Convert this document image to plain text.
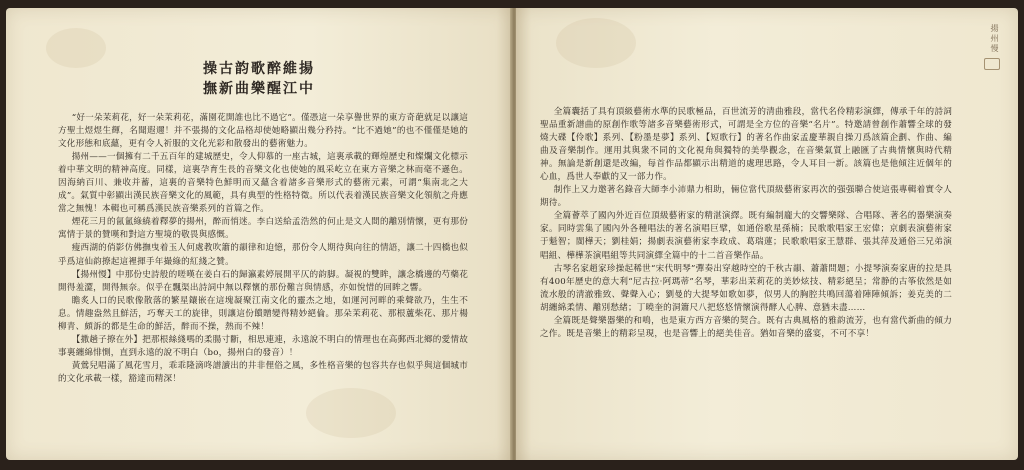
操古韵歌醉維揚
撫新曲樂醒江中

“好一朵茉莉花，好一朵茉莉花，滿園花開誰也比不過它”。僅憑這一朵享譽世界的東方奇葩就足以讓這方聖土煜煜生輝，名聞遐邇！并不張揚的文化品格却使她略顯出幾分矜持。“比不過她”的也不僅僅是她的文化形態和底蘊，更有令人祈服的文化光彩和散發出的藝術魅力。

揚州——一個擁有二千五百年的建城歷史，令人仰慕的一座古城，這裏承載的輝煌歷史和燦爛文化標示着中華文明的精神高度。同樣，這裏孕育生長的音樂文化也使她的風采屹立在東方音樂之林而毫不遜色。因海納百川、兼收并蓄，這裏的音樂特色鮮明而又蘊含着諸多音樂形式的藝術元素，可謂“集南北之大成”。氣質中彰顯出漢民族音樂文化的風範，具有典型的性格特徵。所以代表着漢民族音樂文化領航之舟應當之無愧！本輯也可稱爲漢民族音樂系列的首篇之作。

煙花三月的氤氳綠繞着釋夢的揚州，醉而悄迷。李白送給孟浩然的何止是文人間的離別情懷，更有那份寓情于景的贊嘆和對這方聖境的敬畏與感慨。

瘦西湖的俏影仿佛撫曳着玉人何處教吹簫的韻律和迫憶，那份令人期待與向往的情語，讓二十四橋也似乎爲這仙韵撩起這裡揮手年撮綠的紅綫之贊。

【揚州慢】中那份史詩般的嗟嘆在姜白石的歸瀛素婷展開平仄的韵脚。凝視的雙眸，讓念橋邊的芍藥花開得羞澀，開得無奈。似乎在飄渠出詩詞中無以釋懷的那份難言與情感，亦如悅惜的回眸之響。

瞻炙人口的民歌像散落的繁星鑲嵌在這塊凝聚江南文化的靈杰之地，如運河河畔的乘聲欲乃，生生不息。情趣盎然且鮮活，巧奪天工的旋律，則讓這份饋贈變得精妙絕倫。那朵茉莉花、那根蘆柴花、那片楊柳青、頗訴的都是生命的鮮活，醉而不操，熱而不辣！

【撒趟子撩在外】把那根絲綫嗎的柔腸寸斷，相思連連，永遠說不明白的情理也在高郵西北鄉的愛情故事裏纏綿悱惻，直到永遠的說不明白（bo，揚州白的發音）！

黃鶯兒唱滿了風花雪月，乖乖隆滴咚譜讀出的井非俚俗之風，多性格音樂的包容共存也似乎與這個城市的文化承載一樣，豁達而精深！

揚州慢

全篇囊括了具有頂級藝術水準的民歌極品，百世流芳的清曲雅段，當代名伶精彩演繹，傳承千年的詩詞聖品重新譜曲的原創作歌等諸多音樂藝術形式，可謂是全方位的音樂“名片”。特邀請曾創作蕭響全球的發燒大碟【伶歌】系列、【粉墨是夢】系列、【短歌行】的著名作曲家孟慶華親自操刀爲該篇企劃、作曲、編曲及音樂制作。運用其與衆不同的文化視角與獨特的美學觀念，在音樂氣質上融匯了古典情懷與時代精神。無論是新創還是改編，每首作品都顯示出精道的處理思路，令人耳目一新。該篇也是他傾注近個年的心血，爲世人奉獻的又一部力作。

制作上又力邀著名錄音大師李小沛鼎力相助，倆位當代頂級藝術家再次的强强聯合使這張專輯着實令人期待。

全篇薈萃了國內外近百位頂級藝術家的精湛演繹。既有編制龐大的交響樂隊、合唱隊、著名的器樂演奏家。同時雲集了國內外各種唱法的著名演唱巨擘，如通俗歌星孫楠；民歌歌唱家王宏偉；京劇表演藝術家于魁智；閩樺天；劉桂娟；揚劇表演藝術家李政成、葛瑞蓮；民歌歌唱家王慧群、張其萍及通俗三兄弟演唱組、樺樺茶演唱組等共同演繹全篇中的十二首音樂作品。

古琴名家趙家珍操起稀世“宋代明琴”彈奏出穿越時空的千秋古韻、蕭蕭問題；小提琴演奏家唐的拉是具有400年歷史的意大利“尼古拉·阿瑪蒂”名琴，華彩出茉莉花的美妙炫技、精彩絕呈；常静的古筝依然是如流水般的清澈雅致、聲聲入心；劉曼的大提琴如歌如夢，似男人的胸腔共鳴回蕩着陣陣傾訴；姜克美的二胡纏綿柔情、離別愁緒；丁曉奎的洞簫尺八把悠悠情懷演得酵人心脾、意猶未盡……

全篇既是聲樂器樂的和鳴，也是東方西方音樂的契合。既有古典風格的雅韵流芳，也有當代新曲的傾力之作。既是音樂上的精彩呈現，也是音響上的絕美佳音。猶如音樂的盛宴，不可不享！
